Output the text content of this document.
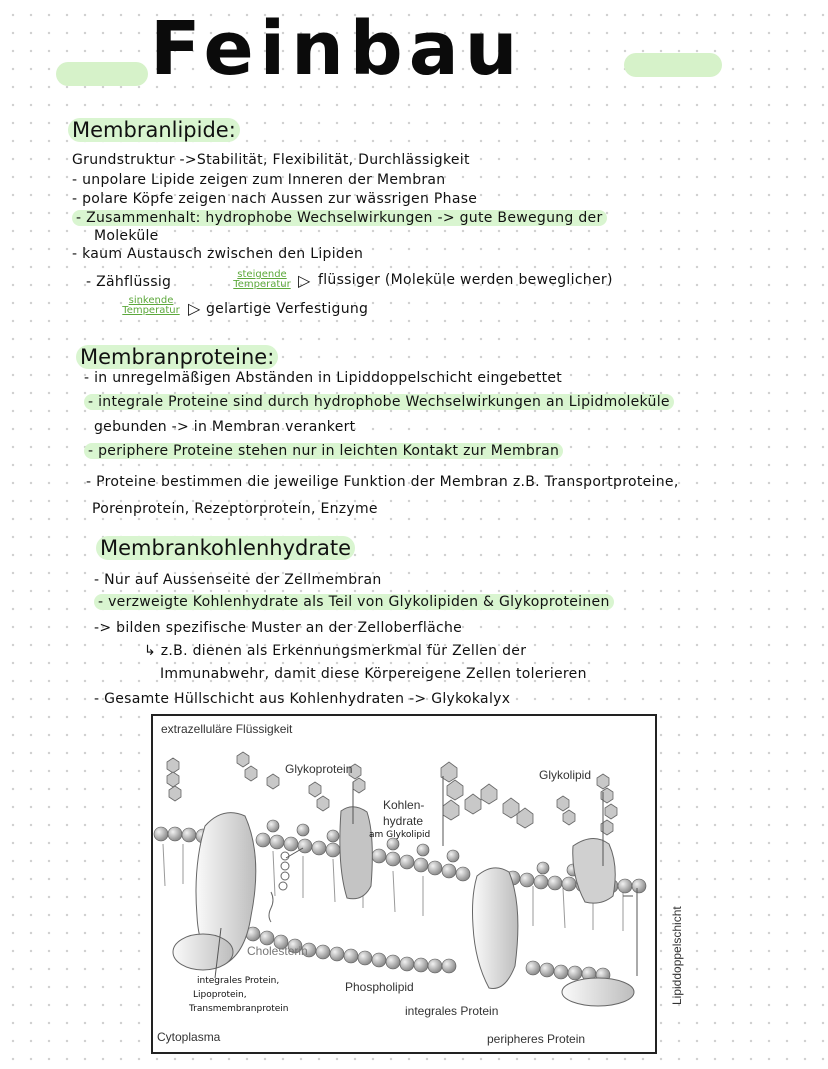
Feinbau
Membranlipide:
Grundstruktur ->Stabilität, Flexibilität, Durchlässigkeit
- unpolare Lipide zeigen zum Inneren der Membran
- polare Köpfe zeigen nach Aussen zur wässrigen Phase
- Zusammenhalt: hydrophobe Wechselwirkungen -> gute Bewegung der
Moleküle
- kaum Austausch zwischen den Lipiden
- Zähflüssig	steigende Temperatur ▷ flüssiger (Moleküle werden beweglicher)
sinkende Temperatur ▷ gelartige Verfestigung
Membranproteine:
- in unregelmäßigen Abständen in Lipiddoppelschicht eingebettet
- integrale Proteine sind durch hydrophobe Wechselwirkungen an Lipidmoleküle
gebunden -> in Membran verankert
- periphere Proteine stehen nur in leichten Kontakt zur Membran
- Proteine bestimmen die jeweilige Funktion der Membran z.B. Transportproteine,
Porenprotein, Rezeptorprotein, Enzyme
Membrankohlenhydrate
- Nur auf Aussenseite der Zellmembran
- verzweigte Kohlenhydrate als Teil von Glykolipiden & Glykoproteinen
-> bilden spezifische Muster an der Zelloberfläche
↳ z.B. dienen als Erkennungsmerkmal für Zellen der
Immunabwehr, damit diese Körpereigene Zellen tolerieren
- Gesamte Hüllschicht aus Kohlenhydraten -> Glykokalyx
extrazelluläre Flüssigkeit
Glykoprotein	Glykolipid
Kohlen-
hydrate
am Glykolipid
Cholesterin
Phospholipid
integrales Protein
peripheres Protein
Cytoplasma
integrales Protein,
Lipoprotein,
Transmembranprotein
Lipiddoppelschicht
